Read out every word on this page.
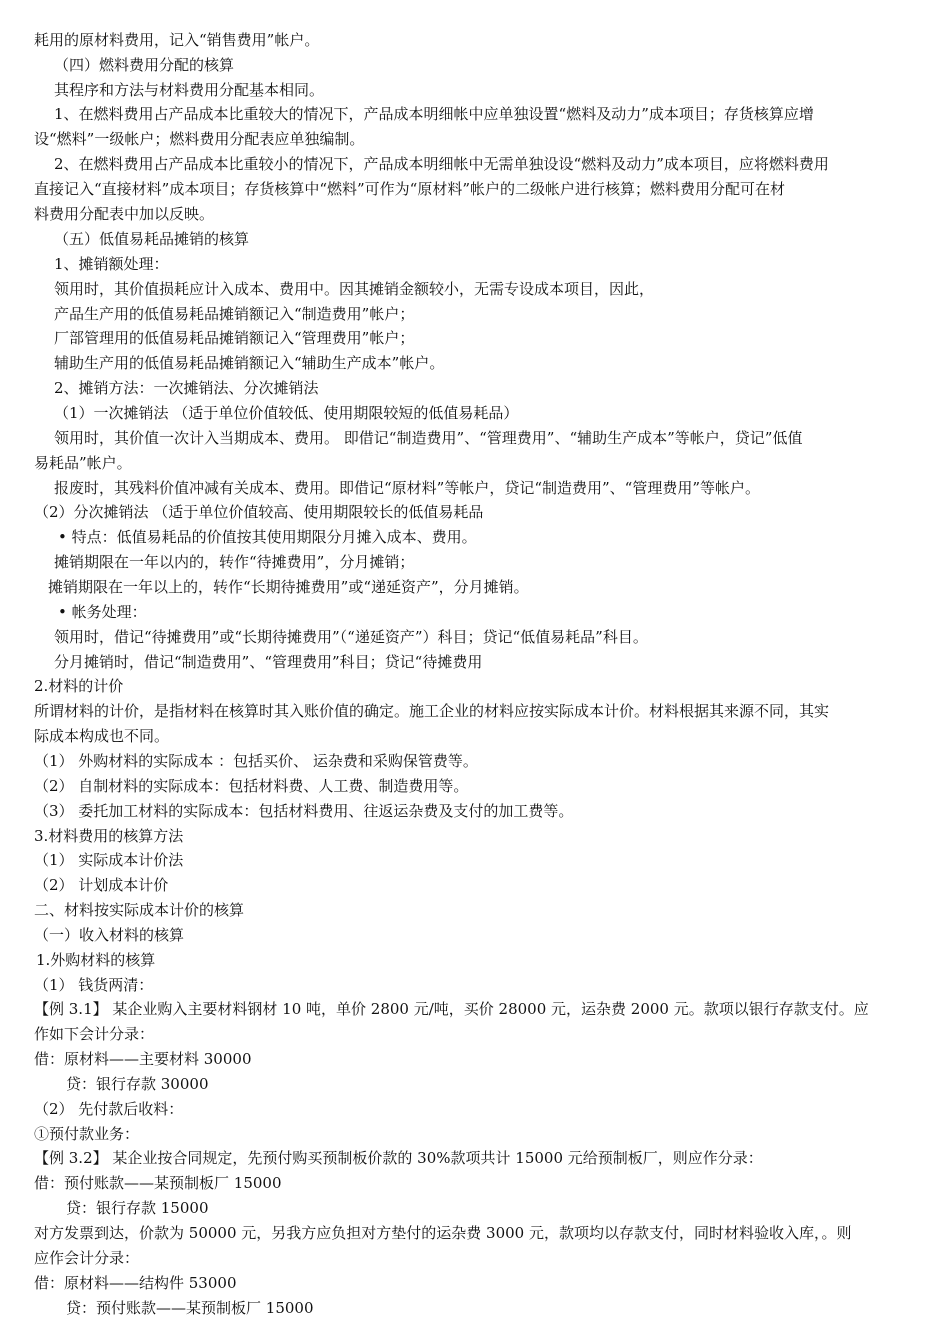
耗用的原材料费用，记入“销售费用”帐户。
（四）燃料费用分配的核算
其程序和方法与材料费用分配基本相同。
1、在燃料费用占产品成本比重较大的情况下，产品成本明细帐中应单独设置“燃料及动力”成本项目；存货核算应增
设“燃料”一级帐户；燃料费用分配表应单独编制。
2、在燃料费用占产品成本比重较小的情况下，产品成本明细帐中无需单独设设“燃料及动力”成本项目，应将燃料费用
直接记入“直接材料”成本项目；存货核算中“燃料”可作为“原材料”帐户的二级帐户进行核算；燃料费用分配可在材
料费用分配表中加以反映。
（五）低值易耗品摊销的核算
1、摊销额处理：
领用时，其价值损耗应计入成本、费用中。因其摊销金额较小，无需专设成本项目，因此，
产品生产用的低值易耗品摊销额记入“制造费用”帐户；
厂部管理用的低值易耗品摊销额记入“管理费用”帐户；
辅助生产用的低值易耗品摊销额记入“辅助生产成本”帐户。
2、摊销方法：一次摊销法、分次摊销法
（1）一次摊销法 （适于单位价值较低、使用期限较短的低值易耗品）
领用时，其价值一次计入当期成本、费用。 即借记“制造费用”、“管理费用”、“辅助生产成本”等帐户，贷记”低值
易耗品”帐户。
报废时，其残料价值冲减有关成本、费用。即借记“原材料”等帐户，贷记“制造费用”、“管理费用”等帐户。
（2）分次摊销法 （适于单位价值较高、使用期限较长的低值易耗品
• 特点：低值易耗品的价值按其使用期限分月摊入成本、费用。
摊销期限在一年以内的，转作“待摊费用”，分月摊销；
摊销期限在一年以上的，转作“长期待摊费用”或“递延资产”，分月摊销。
• 帐务处理：
领用时，借记“待摊费用”或“长期待摊费用”（“递延资产”）科目；贷记“低值易耗品”科目。
分月摊销时，借记“制造费用”、“管理费用”科目；贷记“待摊费用
2.材料的计价
所谓材料的计价，是指材料在核算时其入账价值的确定。施工企业的材料应按实际成本计价。材料根据其来源不同，其实
际成本构成也不同。
（1） 外购材料的实际成本 ：包括买价、 运杂费和采购保管费等。
（2） 自制材料的实际成本：包括材料费、人工费、制造费用等。
（3） 委托加工材料的实际成本：包括材料费用、往返运杂费及支付的加工费等。
3.材料费用的核算方法
（1） 实际成本计价法
（2） 计划成本计价
二、材料按实际成本计价的核算
（一）收入材料的核算
1.外购材料的核算
（1） 钱货两清：
【例 3.1】 某企业购入主要材料钢材 10 吨，单价 2800 元/吨，买价 28000 元，运杂费 2000 元。款项以银行存款支付。应
作如下会计分录：
借：原材料——主要材料 30000
贷：银行存款 30000
（2） 先付款后收料：
①预付款业务：
【例 3.2】 某企业按合同规定，先预付购买预制板价款的 30%款项共计 15000 元给预制板厂，则应作分录：
借：预付账款——某预制板厂 15000
贷：银行存款 15000
对方发票到达，价款为 50000 元，另我方应负担对方垫付的运杂费 3000 元，款项均以存款支付，同时材料验收入库，。则
应作会计分录：
借：原材料——结构件 53000
贷：预付账款——某预制板厂 15000
